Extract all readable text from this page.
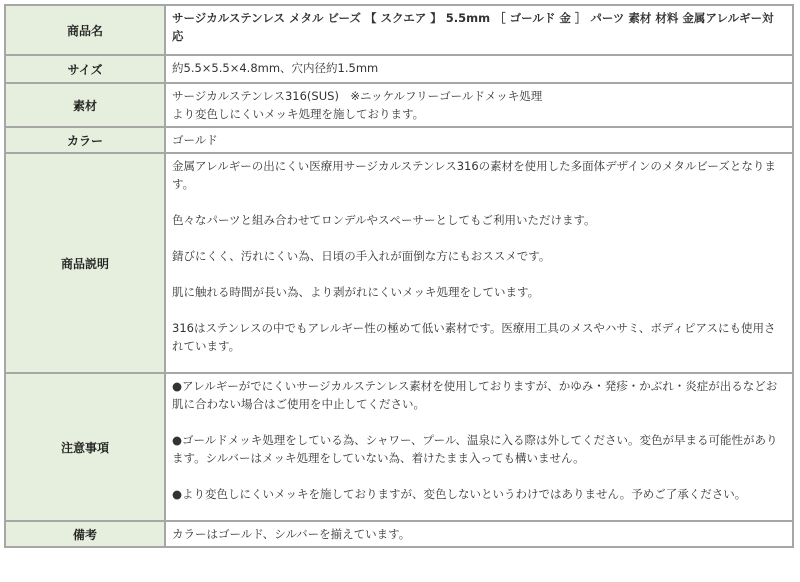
商品名	サージカルステンレス メタル ビーズ 【 スクエア 】 5.5mm ［ ゴールド 金 ］ パーツ 素材 材料 金属アレルギー対応

サイズ	約5.5×5.5×4.8mm、穴内径約1.5mm

素材	サージカルステンレス316(SUS)　※ニッケルフリーゴールドメッキ処理

より変色しにくいメッキ処理を施しております。

カラー	ゴールド

商品説明	金属アレルギーの出にくい医療用サージカルステンレス316の素材を使用した多面体デザインのメタルビーズとなります。

色々なパーツと組み合わせてロンデルやスペーサーとしてもご利用いただけます。

錆びにくく、汚れにくい為、日頃の手入れが面倒な方にもおススメです。

肌に触れる時間が長い為、より剥がれにくいメッキ処理をしています。

316はステンレスの中でもアレルギー性の極めて低い素材です。医療用工具のメスやハサミ、ボディピアスにも使用されています。

注意事項	●アレルギーがでにくいサージカルステンレス素材を使用しておりますが、かゆみ・発疹・かぶれ・炎症が出るなどお肌に合わない場合はご使用を中止してください。

●ゴールドメッキ処理をしている為、シャワー、プール、温泉に入る際は外してください。変色が早まる可能性があります。シルバーはメッキ処理をしていない為、着けたまま入っても構いません。

●より変色しにくいメッキを施しておりますが、変色しないというわけではありません。予めご了承ください。

備考	カラーはゴールド、シルバーを揃えています。
